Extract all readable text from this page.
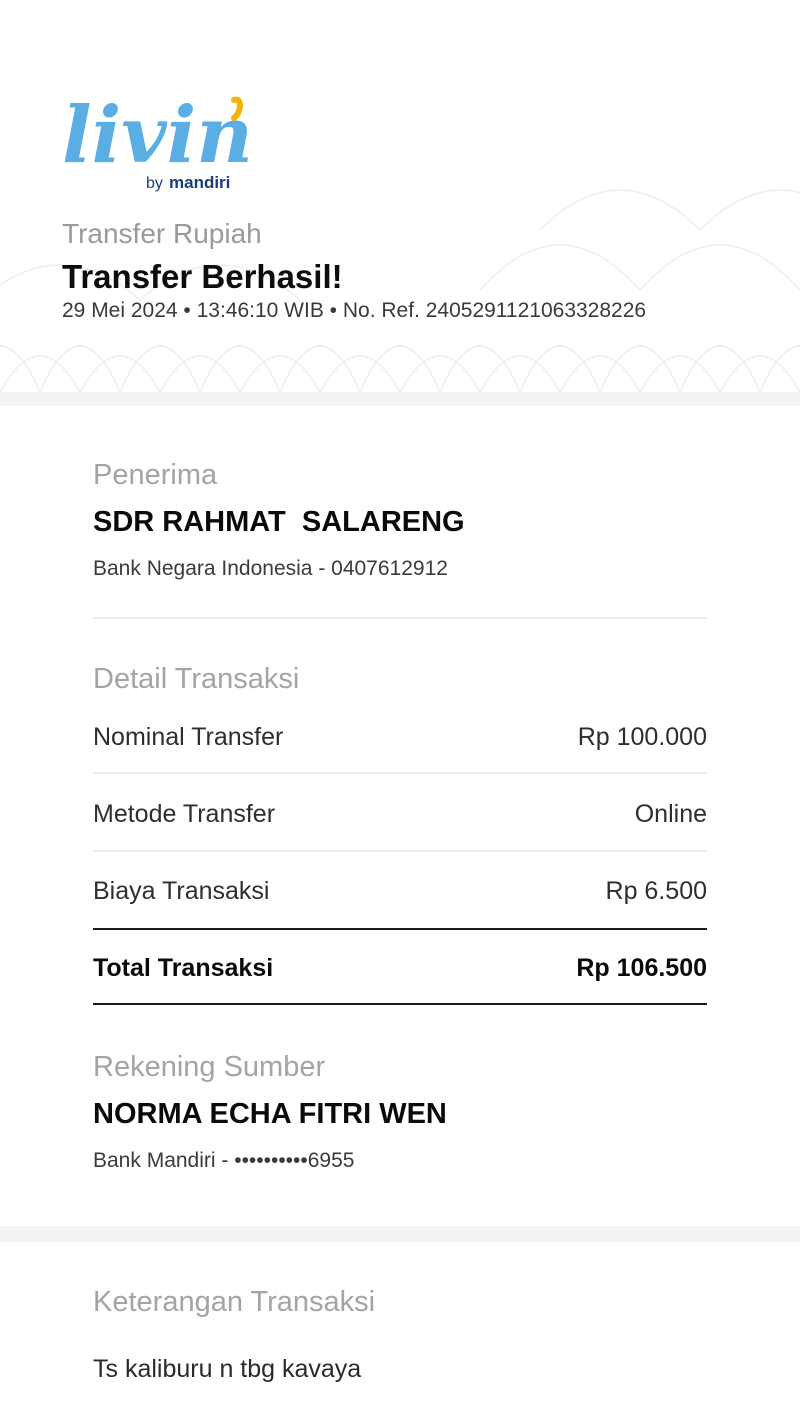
livin
by mandiri
Transfer Rupiah
Transfer Berhasil!
29 Mei 2024 • 13:46:10 WIB • No. Ref. 2405291121063328226
Penerima
SDR RAHMAT  SALARENG
Bank Negara Indonesia - 0407612912
Detail Transaksi
Nominal Transfer	Rp 100.000
Metode Transfer	Online
Biaya Transaksi	Rp 6.500
Total Transaksi	Rp 106.500
Rekening Sumber
NORMA ECHA FITRI WEN
Bank Mandiri - ••••••••••6955
Keterangan Transaksi
Ts kaliburu n tbg kavaya
